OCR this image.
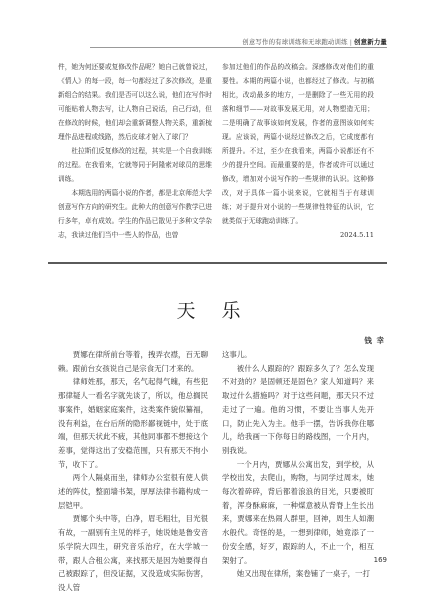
创意写作的有球训练和无球跑动训练 | 创意新力量

件，她为何还要或复修改作品呢？她自己就曾说过，《情人》的每一段，每一句都经过了多次修改，是重新组合的结果。我们是否可以这么说，他们在写作时可能贴着人物去写，让人物自己说话，自己行动，但在修改的时候，他们却会重新调整人物关系，重新梳理作品进程或线路，然后皮球才射入了球门？

杜拉斯们反复修改的过程，其实是一个自我训练的过程。在我看来，它就等同于阿隆索对球员的思维训练。

本期选用的两篇小说的作者，都是北京师范大学创意写作方向的研究生。此种大的创意写作教学已进行多年，卓有成效。学生的作品已散见于多种文学杂志，我读过他们当中一些人的作品，也曾

参加过他们的作品的改稿会。深感修改对他们的重要性。本期的两篇小说，也都经过了修改。与初稿相比，改动最多的地方，一是删除了一些无用的段落和细节——对故事发展无用，对人物塑造无用；二是明确了故事该如何发展，作者的意图该如何实现。应该说，两篇小说经过修改之后，它成度都有所提升。不过，至少在我看来，两篇小说都还有不少的提升空间。而最重要的是，作者或许可以通过修改，增加对小说写作的一些规律的认识。这种修改，对于具体一篇小说来说，它就相当于有球训练；对于提升对小说的一些规律性特征的认识，它就类似于无球跑动训练了。

2024.5.11

天 乐
钱 幸

贾娜在律所前台等着，拽弄衣襟，百无聊赖。跟前台女孩说自己是宗食无门才来的。

律师姓那，那天，名气起得气魄，有些犯那律疑人一看名字就先谈了，所以，他总搁民事案件，婚姻家庭案件，这类案件貌似纂福，没有利益，在台后所的隐形鄙视链中，处于底端，但那天状此不疲，其他同事都不想接这个差事，觉得这出了安稳范围，只有那天不拘小节，收下了。

两个人隔桌而坐，律师办公室很有使人供述的阵仗，整面墙书架，厚厚法律书籍构成一层铠甲。

贾娜个头中等，白净，眉毛粗壮，目光很有故，一副别有主见的样子，她说她是鲁安音乐学院大四生，研究音乐治疗，在大学城一带，跟人合租公寓，来找那天是因为她要得自己被跟踪了，但没证据，又没造成实际伤害，没人管

这事儿。

被什么人跟踪的？跟踪多久了？怎么发现不对劲的？是固顿还是固色？家人知道吗？来取过什么措施吗？对于这些问题，那天只不过走过了一遍。他的习惯，不要让当事人先开口，防止先入为主。他手一摆，告诉我你住哪儿，给我画一下你每日的路线图，一个月内，别我说。

一个月内，贾娜从公寓出发，到学校，从学校出发，去爬山，购物，与同学过周末，她每次着碎碎，背后都着浪浪的目光，只要被盯着，浑身酥麻麻，一种煤意被从背脊上生长出来，贾娜来在热闹人群里，回神，周生人如潮水般代。奇怪的是，一想到律师，她竟添了一份安全感，好歹，跟踪的人，不止一个，相互架射了。

她又出现在律所，案卷铺了一桌子，一打

169
